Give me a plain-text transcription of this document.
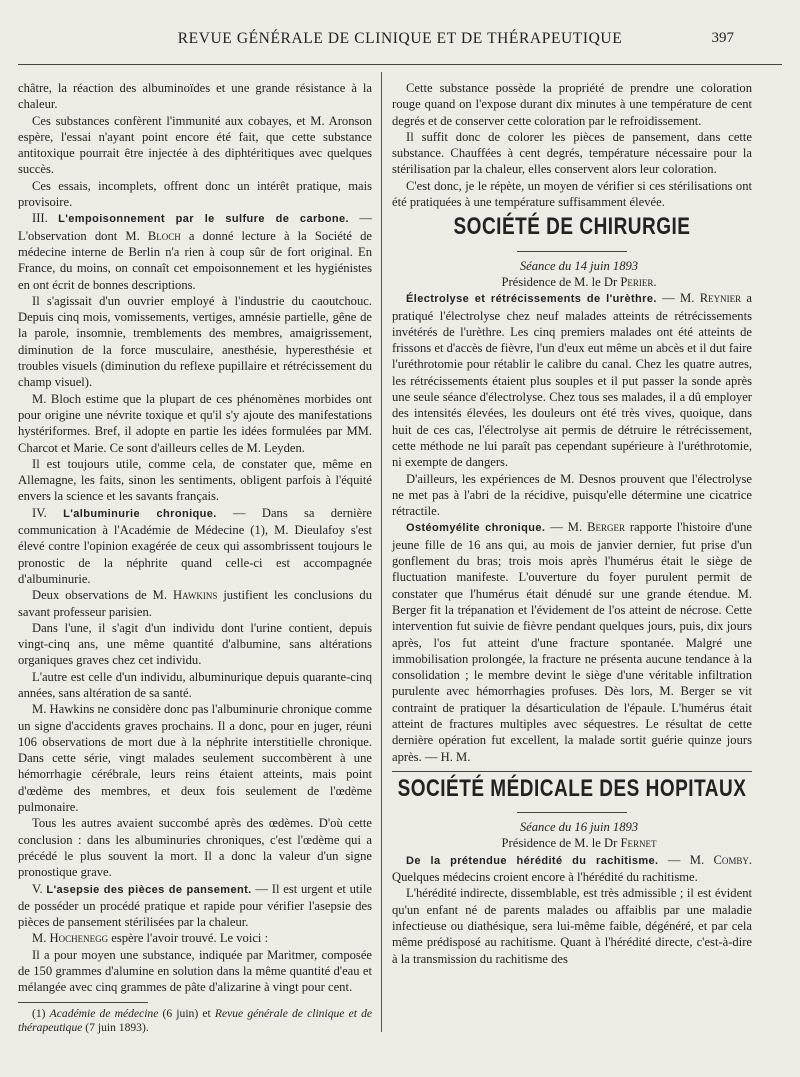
REVUE GÉNÉRALE DE CLINIQUE ET DE THÉRAPEUTIQUE	397

châtre, la réaction des albuminoïdes et une grande résistance à la chaleur.

Ces substances confèrent l'immunité aux cobayes, et M. Aronson espère, l'essai n'ayant point encore été fait, que cette substance antitoxique pourrait être injectée à des diphtéritiques avec quelques succès.

Ces essais, incomplets, offrent donc un intérêt pratique, mais provisoire.

III. L'empoisonnement par le sulfure de carbone. — L'observation dont M. Bloch a donné lecture à la Société de médecine interne de Berlin n'a rien à coup sûr de fort original. En France, du moins, on connaît cet empoisonnement et les hygiénistes en ont écrit de bonnes descriptions.

Il s'agissait d'un ouvrier employé à l'industrie du caoutchouc. Depuis cinq mois, vomissements, vertiges, amnésie partielle, gêne de la parole, insomnie, tremblements des membres, amaigrissement, diminution de la force musculaire, anesthésie, hyperesthésie et troubles visuels (diminution du reflexe pupillaire et rétrécissement du champ visuel).

M. Bloch estime que la plupart de ces phénomènes morbides ont pour origine une névrite toxique et qu'il s'y ajoute des manifestations hystériformes. Bref, il adopte en partie les idées formulées par MM. Charcot et Marie. Ce sont d'ailleurs celles de M. Leyden.

Il est toujours utile, comme cela, de constater que, même en Allemagne, les faits, sinon les sentiments, obligent parfois à l'équité envers la science et les savants français.

IV. L'albuminurie chronique. — Dans sa dernière communication à l'Académie de Médecine (1), M. Dieulafoy s'est élevé contre l'opinion exagérée de ceux qui assombrissent toujours le pronostic de la néphrite quand celle-ci est accompagnée d'albuminurie.

Deux observations de M. Hawkins justifient les conclusions du savant professeur parisien.

Dans l'une, il s'agit d'un individu dont l'urine contient, depuis vingt-cinq ans, une même quantité d'albumine, sans altérations organiques graves chez cet individu.

L'autre est celle d'un individu, albuminurique depuis quarante-cinq années, sans altération de sa santé.

M. Hawkins ne considère donc pas l'albuminurie chronique comme un signe d'accidents graves prochains. Il a donc, pour en juger, réuni 106 observations de mort due à la néphrite interstitielle chronique. Dans cette série, vingt malades seulement succombèrent à une hémorrhagie cérébrale, leurs reins étaient atteints, mais point d'œdème des membres, et deux fois seulement de l'œdème pulmonaire.

Tous les autres avaient succombé après des œdèmes. D'où cette conclusion : dans les albuminuries chroniques, c'est l'œdème qui a précédé le plus souvent la mort. Il a donc la valeur d'un signe pronostique grave.

V. L'asepsie des pièces de pansement. — Il est urgent et utile de posséder un procédé pratique et rapide pour vérifier l'asepsie des pièces de pansement stérilisées par la chaleur.

M. Hochenegg espère l'avoir trouvé. Le voici :

Il a pour moyen une substance, indiquée par Maritmer, composée de 150 grammes d'alumine en solution dans la même quantité d'eau et mélangée avec cinq grammes de pâte d'alizarine à vingt pour cent.

(1) Académie de médecine (6 juin) et Revue générale de clinique et de thérapeutique (7 juin 1893).

Cette substance possède la propriété de prendre une coloration rouge quand on l'expose durant dix minutes à une température de cent degrés et de conserver cette coloration par le refroidissement.

Il suffit donc de colorer les pièces de pansement, dans cette substance. Chauffées à cent degrés, température nécessaire pour la stérilisation par la chaleur, elles conservent alors leur coloration.

C'est donc, je le répète, un moyen de vérifier si ces stérilisations ont été pratiquées à une température suffisamment élevée.

SOCIÉTÉ DE CHIRURGIE

Séance du 14 juin 1893

Présidence de M. le Dr Perier.

Électrolyse et rétrécissements de l'urèthre. — M. Reynier a pratiqué l'électrolyse chez neuf malades atteints de rétrécissements invétérés de l'urèthre. Les cinq premiers malades ont été atteints de frissons et d'accès de fièvre, l'un d'eux eut même un abcès et il dut faire l'uréthrotomie pour rétablir le calibre du canal. Chez les quatre autres, les rétrécissements étaient plus souples et il put passer la sonde après une seule séance d'électrolyse. Chez tous ses malades, il a dû employer des intensités élevées, les douleurs ont été très vives, quoique, dans huit de ces cas, l'électrolyse ait permis de détruire le rétrécissement, cette méthode ne lui paraît pas cependant supérieure à l'uréthrotomie, ni exempte de dangers.

D'ailleurs, les expériences de M. Desnos prouvent que l'électrolyse ne met pas à l'abri de la récidive, puisqu'elle détermine une cicatrice rétractile.

Ostéomyélite chronique. — M. Berger rapporte l'histoire d'une jeune fille de 16 ans qui, au mois de janvier dernier, fut prise d'un gonflement du bras; trois mois après l'humérus était le siège de fluctuation manifeste. L'ouverture du foyer purulent permit de constater que l'humérus était dénudé sur une grande étendue. M. Berger fit la trépanation et l'évidement de l'os atteint de nécrose. Cette intervention fut suivie de fièvre pendant quelques jours, puis, dix jours après, l'os fut atteint d'une fracture spontanée. Malgré une immobilisation prolongée, la fracture ne présenta aucune tendance à la consolidation ; le membre devint le siège d'une véritable infiltration purulente avec hémorrhagies profuses. Dès lors, M. Berger se vit contraint de pratiquer la désarticulation de l'épaule. L'humérus était atteint de fractures multiples avec séquestres. Le résultat de cette dernière opération fut excellent, la malade sortit guérie quinze jours après. — H. M.

SOCIÉTÉ MÉDICALE DES HOPITAUX

Séance du 16 juin 1893

Présidence de M. le Dr Fernet

De la prétendue hérédité du rachitisme. — M. Comby. Quelques médecins croient encore à l'hérédité du rachitisme.

L'hérédité indirecte, dissemblable, est très admissible ; il est évident qu'un enfant né de parents malades ou affaiblis par une maladie infectieuse ou diathésique, sera lui-même faible, dégénéré, et par cela même prédisposé au rachitisme. Quant à l'hérédité directe, c'est-à-dire à la transmission du rachitisme des
